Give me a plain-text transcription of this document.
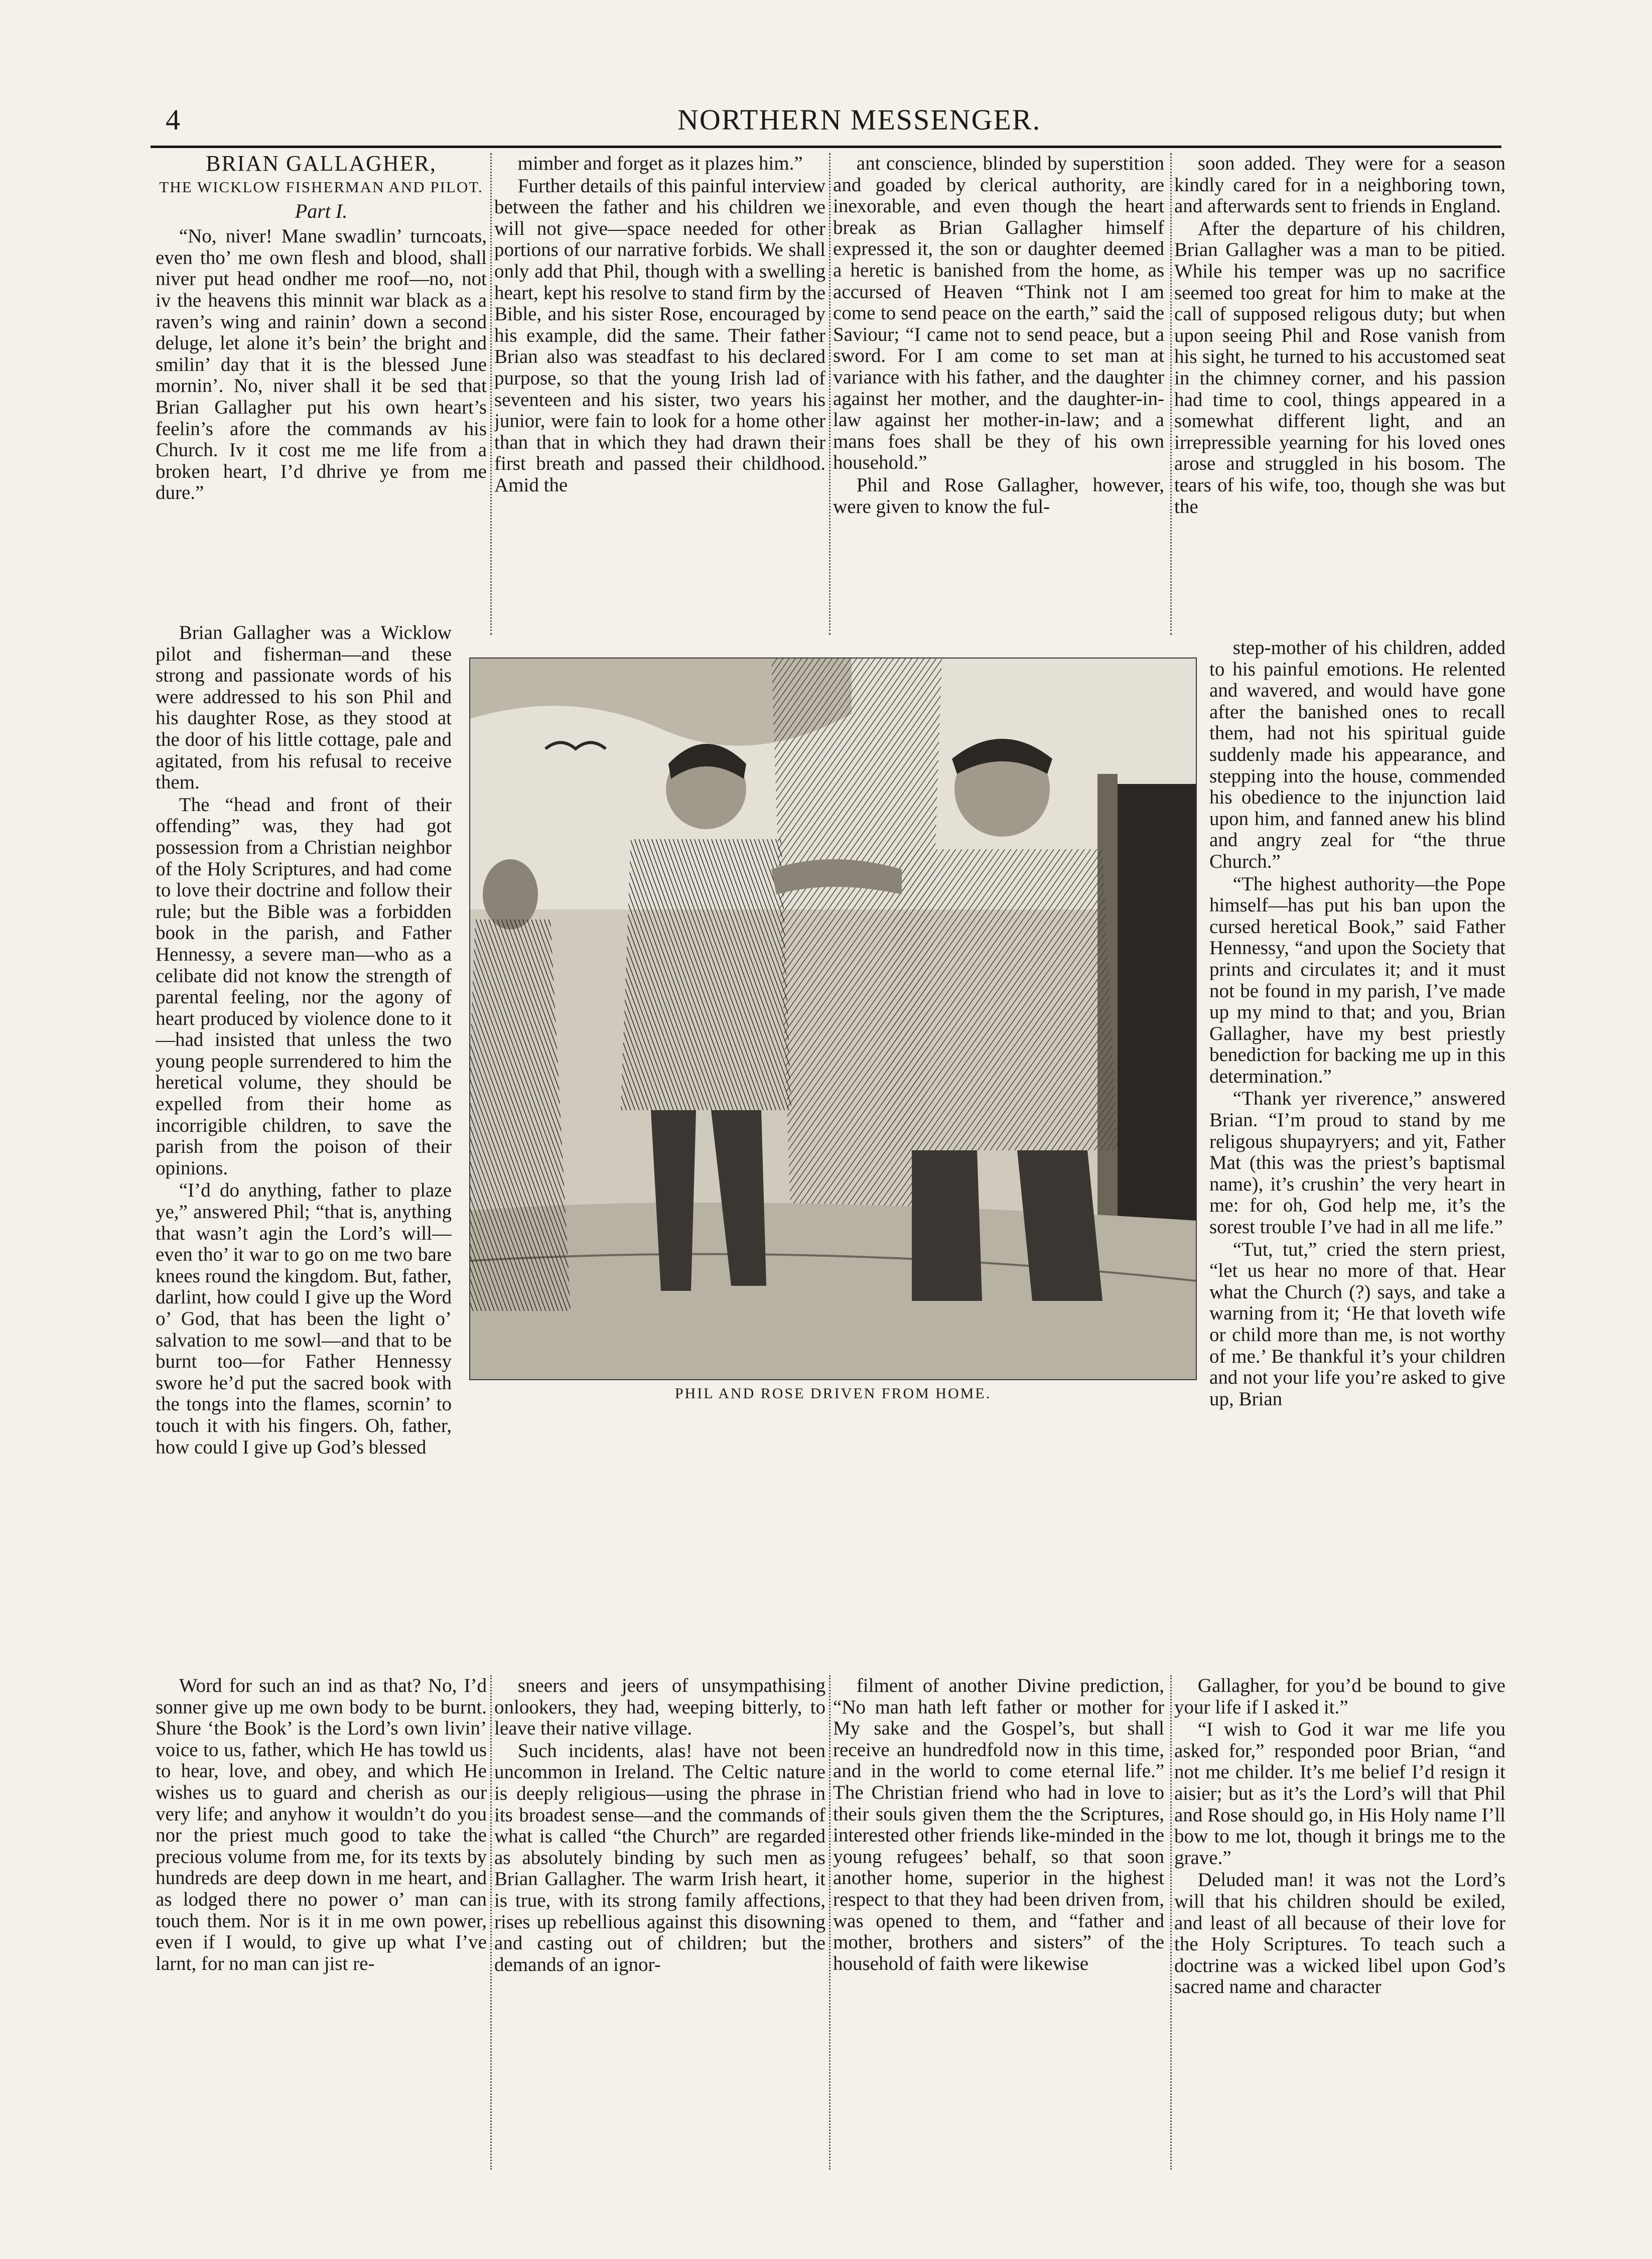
4	NORTHERN MESSENGER.
BRIAN GALLAGHER,
THE WICKLOW FISHERMAN AND PILOT.
Part I.

“No, niver! Mane swadlin’ turncoats, even tho’ me own flesh and blood, shall niver put head ondher me roof—no, not iv the heavens this minnit war black as a raven’s wing and rainin’ down a second deluge, let alone it’s bein’ the bright and smilin’ day that it is the blessed June mornin’. No, niver shall it be sed that Brian Gallagher put his own heart’s feelin’s afore the commands av his Church. Iv it cost me me life from a broken heart, I’d dhrive ye from me dure.”

Brian Gallagher was a Wicklow pilot and fisherman—and these strong and passionate words of his were addressed to his son Phil and his daughter Rose, as they stood at the door of his little cottage, pale and agitated, from his refusal to receive them.

The “head and front of their offending” was, they had got possession from a Christian neighbor of the Holy Scriptures, and had come to love their doctrine and follow their rule; but the Bible was a forbidden book in the parish, and Father Hennessy, a severe man—who as a celibate did not know the strength of parental feeling, nor the agony of heart produced by violence done to it—had insisted that unless the two young people surrendered to him the heretical volume, they should be expelled from their home as incorrigible children, to save the parish from the poison of their opinions.

“I’d do anything, father to plaze ye,” answered Phil; “that is, anything that wasn’t agin the Lord’s will—even tho’ it war to go on me two bare knees round the kingdom. But, father, darlint, how could I give up the Word o’ God, that has been the light o’ salvation to me sowl—and that to be burnt too—for Father Hennessy swore he’d put the sacred book with the tongs into the flames, scornin’ to touch it with his fingers. Oh, father, how could I give up God’s blessed

Word for such an ind as that? No, I’d sonner give up me own body to be burnt. Shure ‘the Book’ is the Lord’s own livin’ voice to us, father, which He has towld us to hear, love, and obey, and which He wishes us to guard and cherish as our very life; and anyhow it wouldn’t do you nor the priest much good to take the precious volume from me, for its texts by hundreds are deep down in me heart, and as lodged there no power o’ man can touch them. Nor is it in me own power, even if I would, to give up what I’ve larnt, for no man can jist re-

mimber and forget as it plazes him.”

Further details of this painful interview between the father and his children we will not give—space needed for other portions of our narrative forbids. We shall only add that Phil, though with a swelling heart, kept his resolve to stand firm by the Bible, and his sister Rose, encouraged by his example, did the same. Their father Brian also was steadfast to his declared purpose, so that the young Irish lad of seventeen and his sister, two years his junior, were fain to look for a home other than that in which they had drawn their first breath and passed their childhood. Amid the

sneers and jeers of unsympathising onlookers, they had, weeping bitterly, to leave their native village.

Such incidents, alas! have not been uncommon in Ireland. The Celtic nature is deeply religious—using the phrase in its broadest sense—and the commands of what is called “the Church” are regarded as absolutely binding by such men as Brian Gallagher. The warm Irish heart, it is true, with its strong family affections, rises up rebellious against this disowning and casting out of children; but the demands of an ignor-

ant conscience, blinded by superstition and goaded by clerical authority, are inexorable, and even though the heart break as Brian Gallagher himself expressed it, the son or daughter deemed a heretic is banished from the home, as accursed of Heaven “Think not I am come to send peace on the earth,” said the Saviour; “I came not to send peace, but a sword. For I am come to set man at variance with his father, and the daughter against her mother, and the daughter-in-law against her mother-in-law; and a mans foes shall be they of his own household.”

Phil and Rose Gallagher, however, were given to know the ful-

filment of another Divine prediction, “No man hath left father or mother for My sake and the Gospel’s, but shall receive an hundredfold now in this time, and in the world to come eternal life.” The Christian friend who had in love to their souls given them the the Scriptures, interested other friends like-minded in the young refugees’ behalf, so that soon another home, superior in the highest respect to that they had been driven from, was opened to them, and “father and mother, brothers and sisters” of the household of faith were likewise

soon added. They were for a season kindly cared for in a neighboring town, and afterwards sent to friends in England.

After the departure of his children, Brian Gallagher was a man to be pitied. While his temper was up no sacrifice seemed too great for him to make at the call of supposed religous duty; but when upon seeing Phil and Rose vanish from his sight, he turned to his accustomed seat in the chimney corner, and his passion had time to cool, things appeared in a somewhat different light, and an irrepressible yearning for his loved ones arose and struggled in his bosom. The tears of his wife, too, though she was but the

step-mother of his children, added to his painful emotions. He relented and wavered, and would have gone after the banished ones to recall them, had not his spiritual guide suddenly made his appearance, and stepping into the house, commended his obedience to the injunction laid upon him, and fanned anew his blind and angry zeal for “the thrue Church.”

“The highest authority—the Pope himself—has put his ban upon the cursed heretical Book,” said Father Hennessy, “and upon the Society that prints and circulates it; and it must not be found in my parish, I’ve made up my mind to that; and you, Brian Gallagher, have my best priestly benediction for backing me up in this determination.”

“Thank yer riverence,” answered Brian. “I’m proud to stand by me religous shupayryers; and yit, Father Mat (this was the priest’s baptismal name), it’s crushin’ the very heart in me: for oh, God help me, it’s the sorest trouble I’ve had in all me life.”

“Tut, tut,” cried the stern priest, “let us hear no more of that. Hear what the Church (?) says, and take a warning from it; ‘He that loveth wife or child more than me, is not worthy of me.’ Be thankful it’s your children and not your life you’re asked to give up, Brian

Gallagher, for you’d be bound to give your life if I asked it.”

“I wish to God it war me life you asked for,” responded poor Brian, “and not me childer. It’s me belief I’d resign it aisier; but as it’s the Lord’s will that Phil and Rose should go, in His Holy name I’ll bow to me lot, though it brings me to the grave.”

Deluded man! it was not the Lord’s will that his children should be exiled, and least of all because of their love for the Holy Scriptures. To teach such a doctrine was a wicked libel upon God’s sacred name and character

PHIL AND ROSE DRIVEN FROM HOME.
